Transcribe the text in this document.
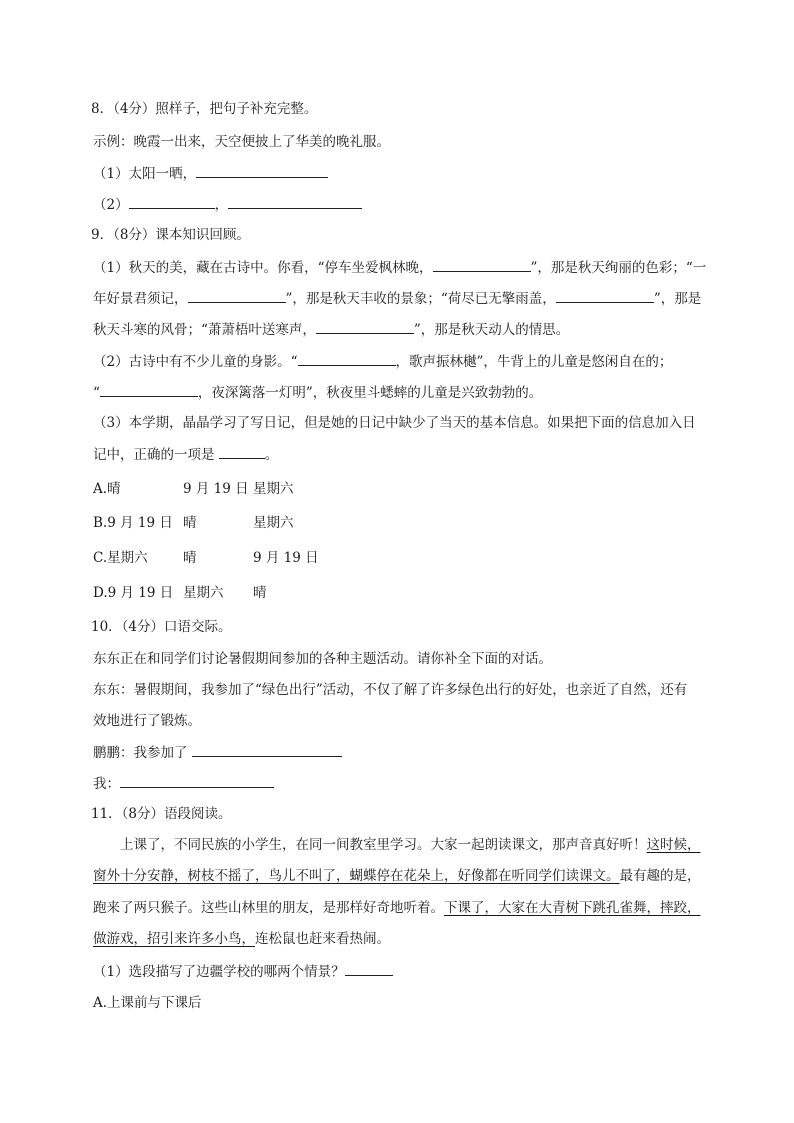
8．（4分）照样子，把句子补充完整。
示例：晚霞一出来，天空便披上了华美的晚礼服。
（1）太阳一晒，
（2）	，
9．（8分）课本知识回顾。
（1）秋天的美，藏在古诗中。你看，“停车坐爱枫林晚，	”，那是秋天绚丽的色彩；“一
年好景君须记，	”，那是秋天丰收的景象；“荷尽已无擎雨盖，	”，那是
秋天斗寒的风骨；“萧萧梧叶送寒声，	”，那是秋天动人的情思。
（2）古诗中有不少儿童的身影。“	，歌声振林樾”，牛背上的儿童是悠闲自在的；
“	，夜深篱落一灯明”，秋夜里斗蟋蟀的儿童是兴致勃勃的。
（3）本学期，晶晶学习了写日记，但是她的日记中缺少了当天的基本信息。如果把下面的信息加入日
记中，正确的一项是	。
A.晴	9 月 19 日 星期六
B.9 月 19 日 晴	星期六
C.星期六	晴	9 月 19 日
D.9 月 19 日 星期六 晴
10．（4分）口语交际。
东东正在和同学们讨论暑假期间参加的各种主题活动。请你补全下面的对话。
东东：暑假期间，我参加了“绿色出行”活动，不仅了解了许多绿色出行的好处，也亲近了自然，还有
效地进行了锻炼。
鹏鹏：我参加了
我：
11．（8分）语段阅读。
上课了，不同民族的小学生，在同一间教室里学习。大家一起朗读课文，那声音真好听！这时候，
窗外十分安静，树枝不摇了，鸟儿不叫了，蝴蝶停在花朵上，好像都在听同学们读课文。最有趣的是，
跑来了两只猴子。这些山林里的朋友，是那样好奇地听着。下课了，大家在大青树下跳孔雀舞，摔跤，
做游戏，招引来许多小鸟，连松鼠也赶来看热闹。
（1）选段描写了边疆学校的哪两个情景？
A.上课前与下课后
